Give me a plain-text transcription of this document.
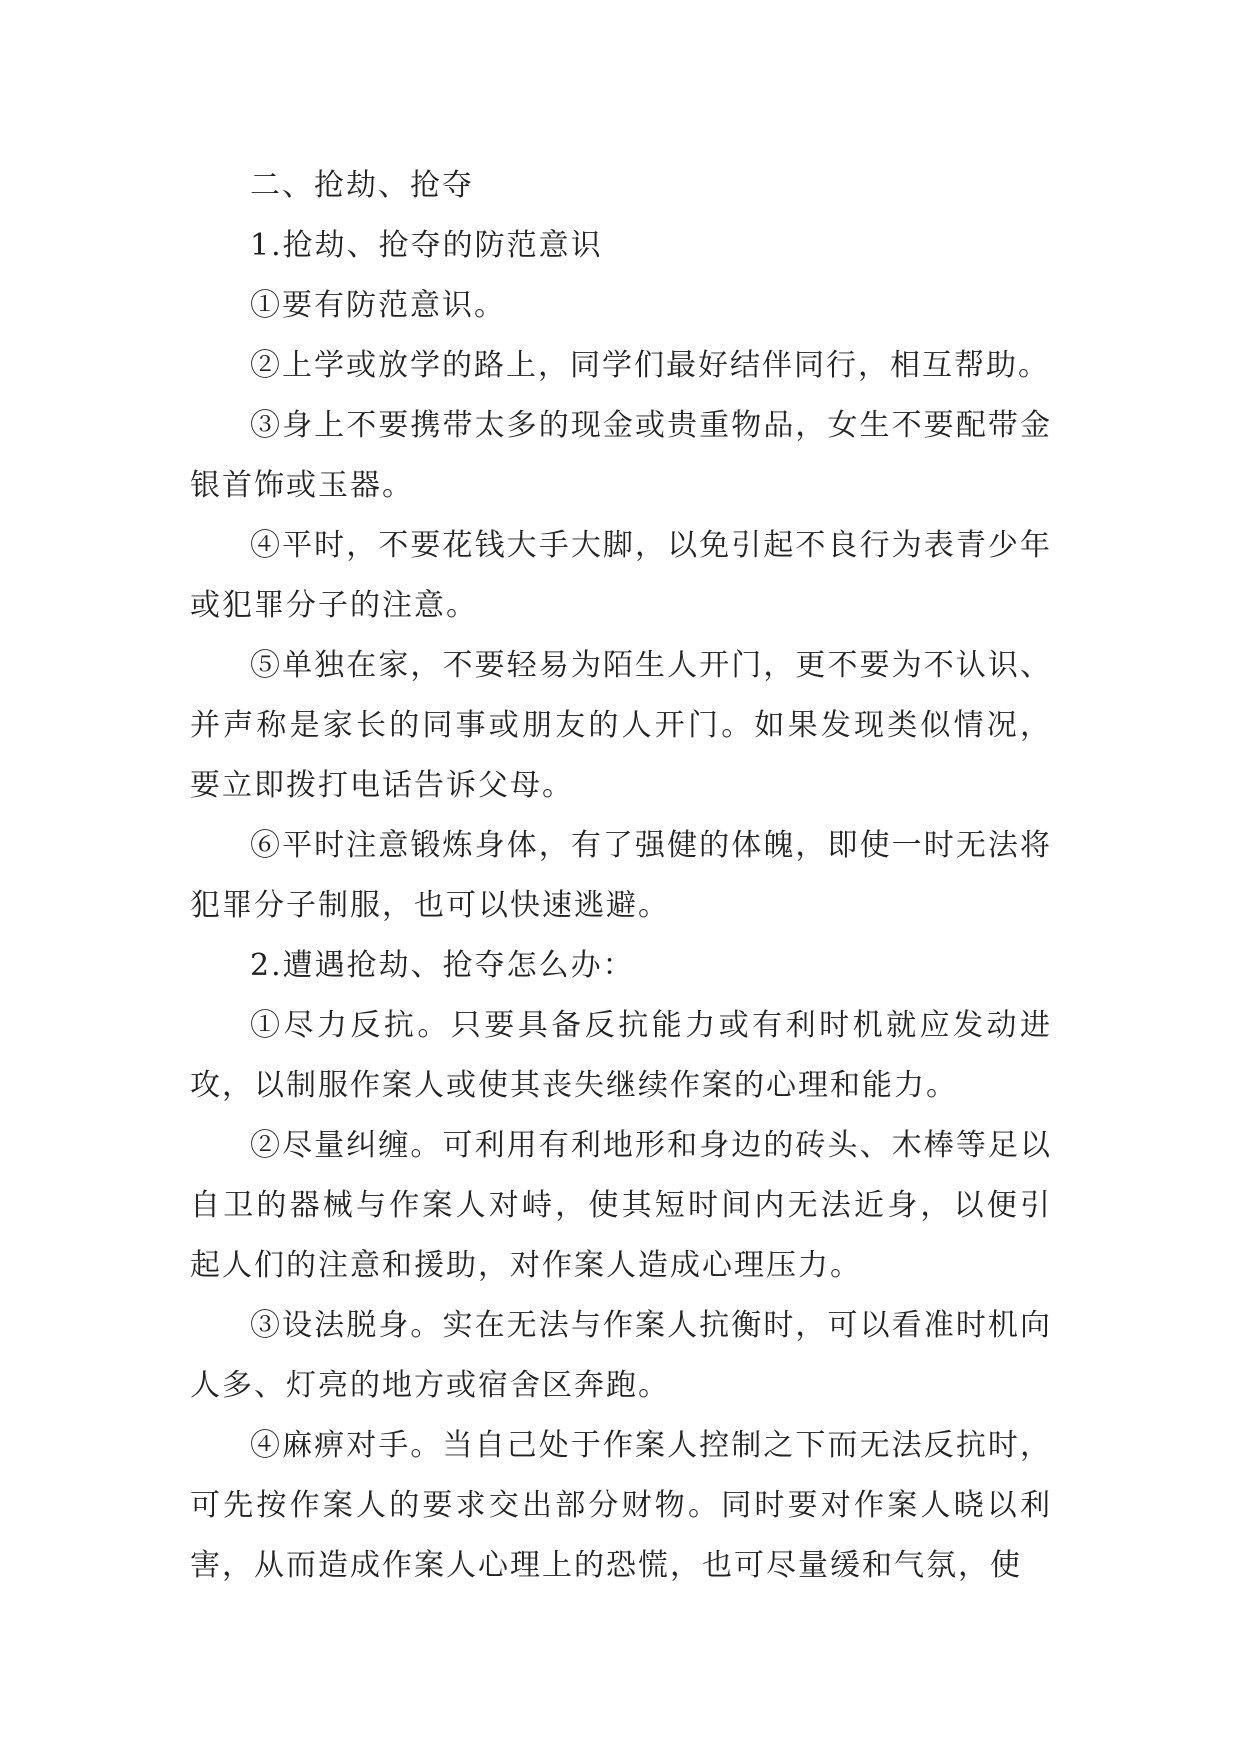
二、抢劫、抢夺

1.抢劫、抢夺的防范意识

①要有防范意识。

②上学或放学的路上，同学们最好结伴同行，相互帮助。

③身上不要携带太多的现金或贵重物品，女生不要配带金银首饰或玉器。

④平时，不要花钱大手大脚，以免引起不良行为表青少年或犯罪分子的注意。

⑤单独在家，不要轻易为陌生人开门，更不要为不认识、并声称是家长的同事或朋友的人开门。如果发现类似情况，要立即拨打电话告诉父母。

⑥平时注意锻炼身体，有了强健的体魄，即使一时无法将犯罪分子制服，也可以快速逃避。

2.遭遇抢劫、抢夺怎么办：

①尽力反抗。只要具备反抗能力或有利时机就应发动进攻，以制服作案人或使其丧失继续作案的心理和能力。

②尽量纠缠。可利用有利地形和身边的砖头、木棒等足以自卫的器械与作案人对峙，使其短时间内无法近身，以便引起人们的注意和援助，对作案人造成心理压力。

③设法脱身。实在无法与作案人抗衡时，可以看准时机向人多、灯亮的地方或宿舍区奔跑。

④麻痹对手。当自己处于作案人控制之下而无法反抗时，可先按作案人的要求交出部分财物。同时要对作案人晓以利害，从而造成作案人心理上的恐慌，也可尽量缓和气氛，使
